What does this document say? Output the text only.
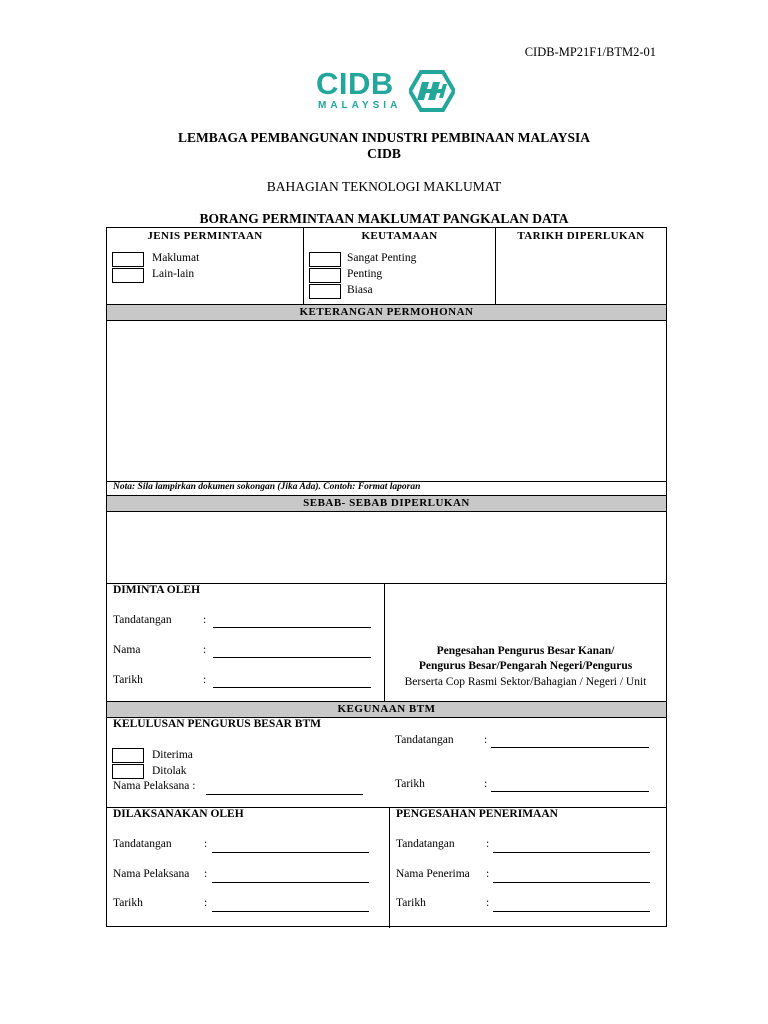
CIDB-MP21F1/BTM2-01
CIDB
MALAYSIA
LEMBAGA PEMBANGUNAN INDUSTRI PEMBINAAN MALAYSIA
CIDB
BAHAGIAN TEKNOLOGI MAKLUMAT
BORANG PERMINTAAN MAKLUMAT PANGKALAN DATA
JENIS PERMINTAAN	KEUTAMAAN	TARIKH DIPERLUKAN
Maklumat
Lain-lain
Sangat Penting
Penting
Biasa
KETERANGAN PERMOHONAN
Nota: Sila lampirkan dokumen sokongan (Jika Ada). Contoh: Format laporan
SEBAB- SEBAB DIPERLUKAN
DIMINTA OLEH
Tandatangan	:
Nama	:
Tarikh	:
Pengesahan Pengurus Besar Kanan/
Pengurus Besar/Pengarah Negeri/Pengurus
Berserta Cop Rasmi Sektor/Bahagian / Negeri / Unit
KEGUNAAN BTM
KELULUSAN PENGURUS BESAR BTM
Diterima
Ditolak
Nama Pelaksana :
Tandatangan	:
Tarikh	:
DILAKSANAKAN OLEH	PENGESAHAN PENERIMAAN
Tandatangan	:
Nama Pelaksana :
Tarikh	:
Tandatangan	:
Nama Penerima :
Tarikh	:
